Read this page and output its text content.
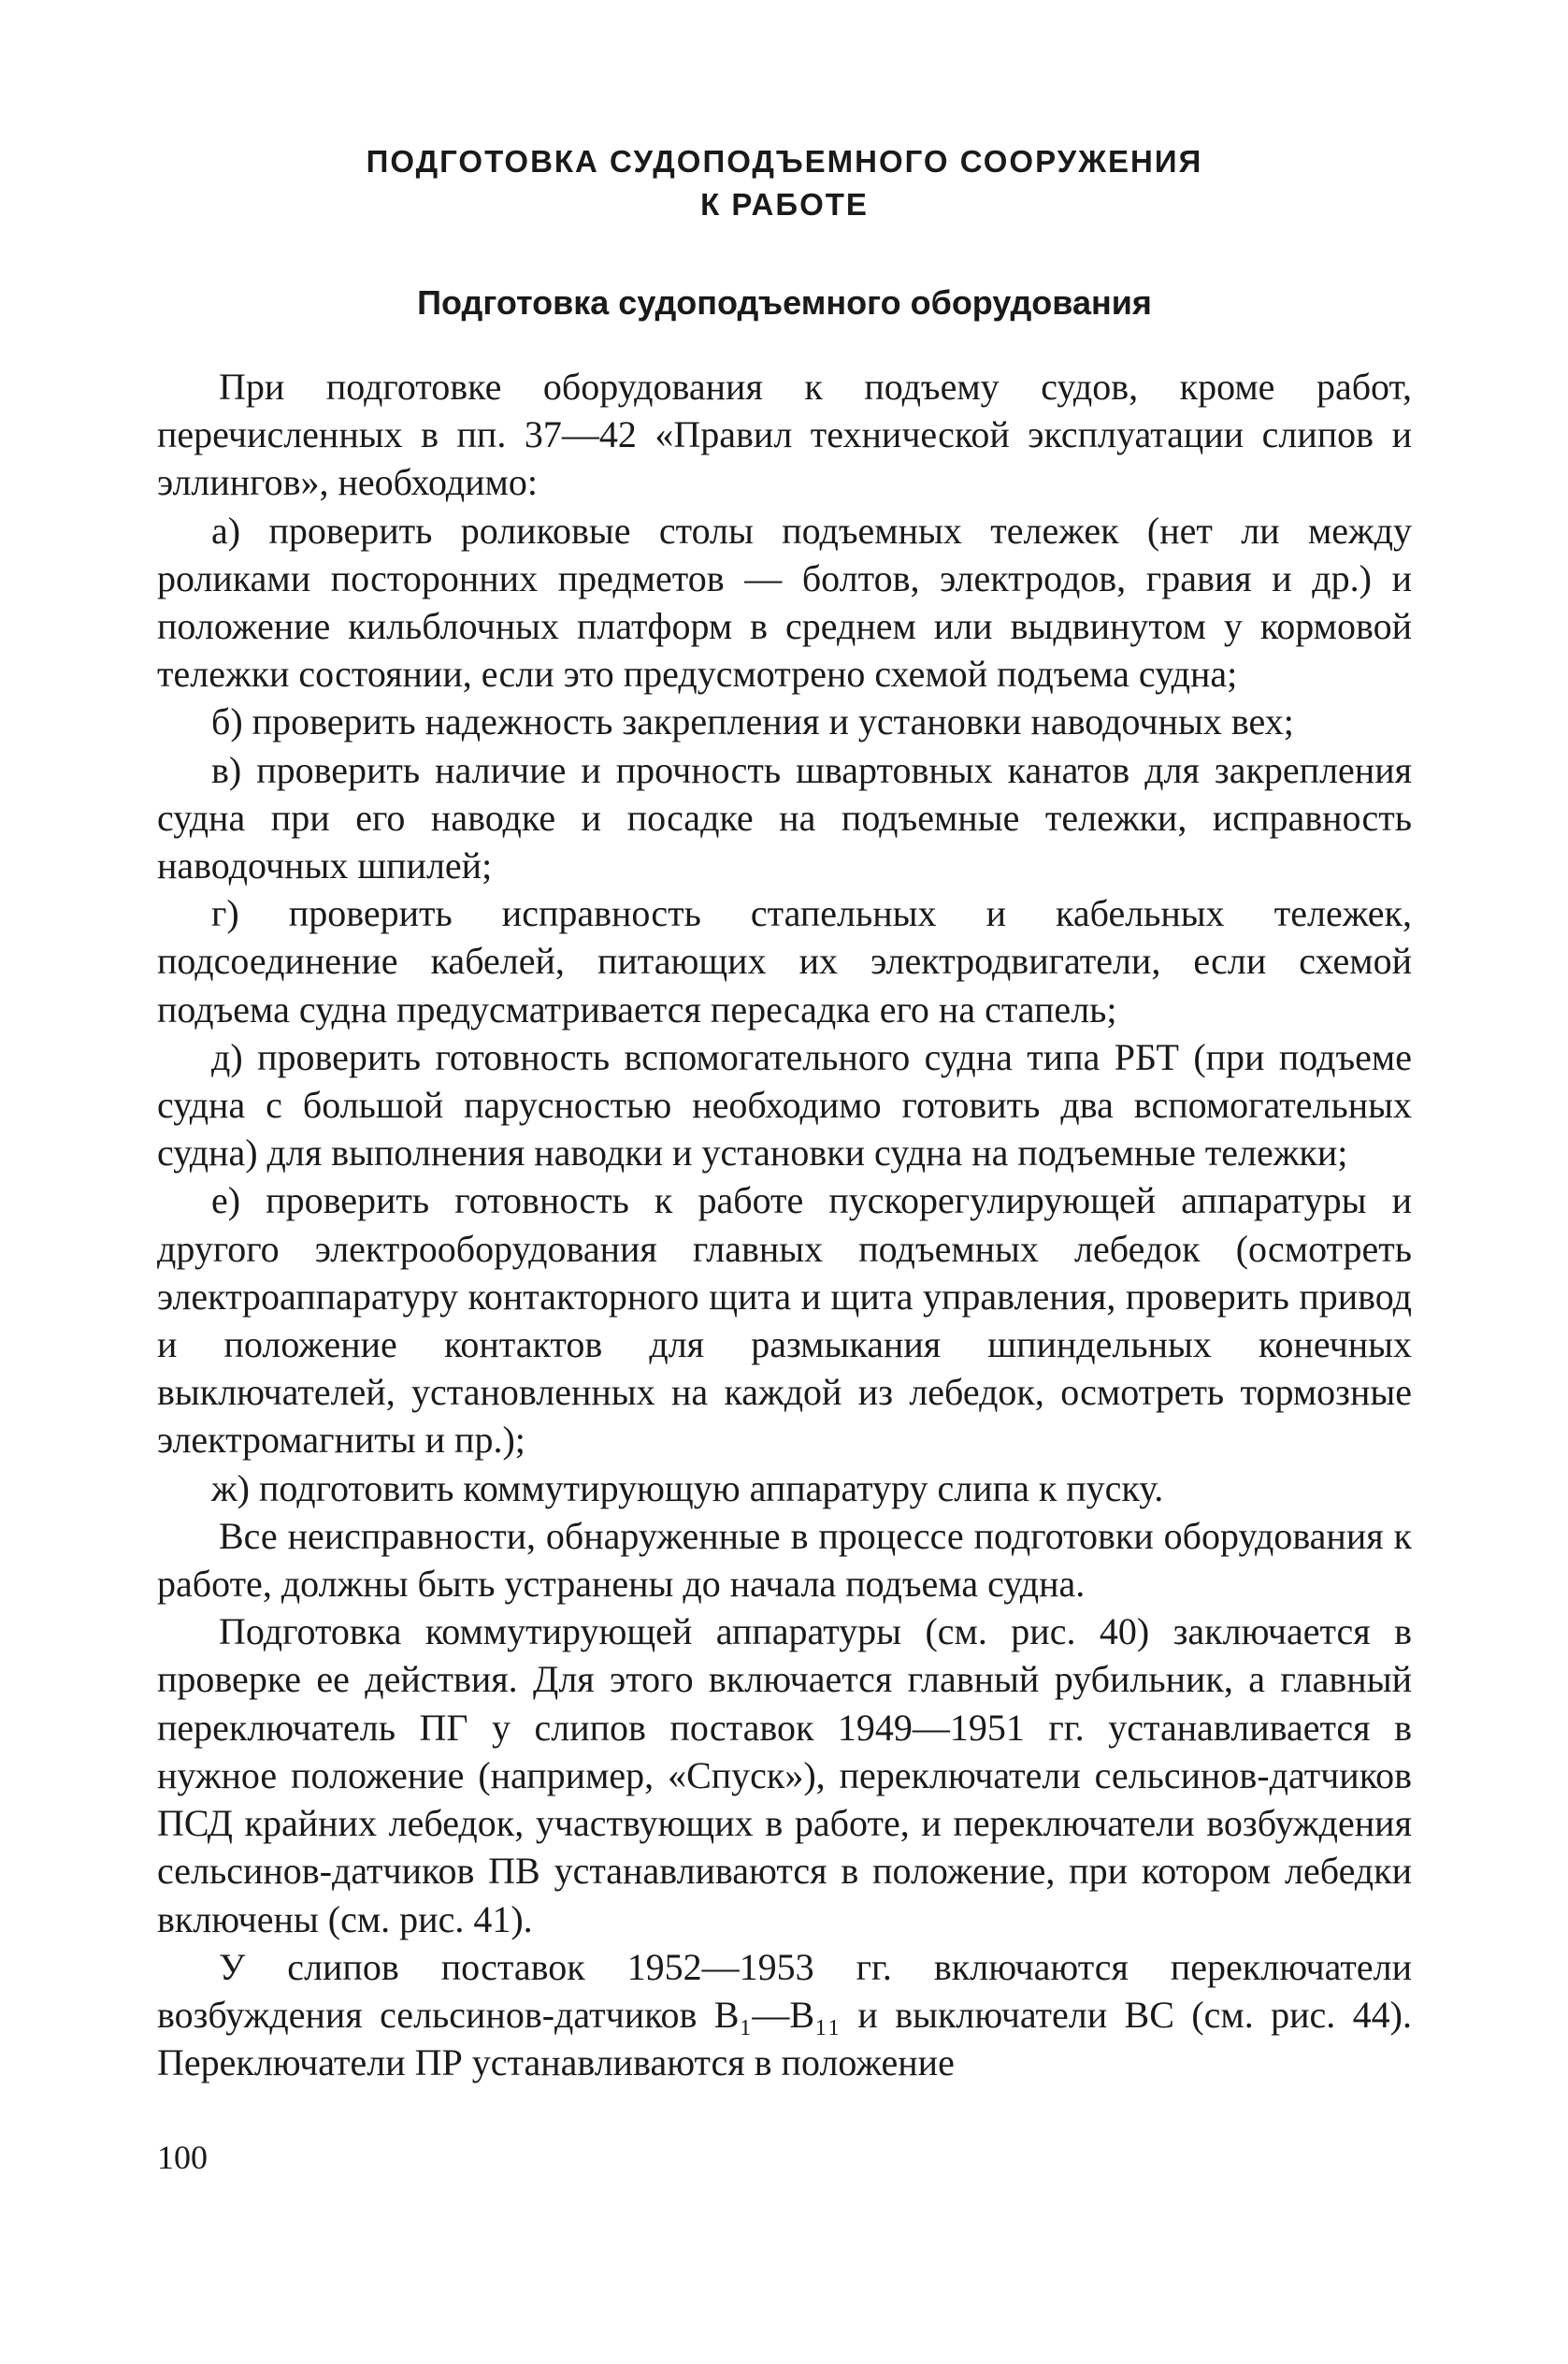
ПОДГОТОВКА СУДОПОДЪЕМНОГО СООРУЖЕНИЯ
К РАБОТЕ
Подготовка судоподъемного оборудования

При подготовке оборудования к подъему судов, кроме работ, перечисленных в пп. 37—42 «Правил технической эксплуатации слипов и эллингов», необходимо:

а) проверить роликовые столы подъемных тележек (нет ли между роликами посторонних предметов — болтов, электродов, гравия и др.) и положение кильблочных платформ в среднем или выдвинутом у кормовой тележки состоянии, если это предусмотрено схемой подъема судна;

б) проверить надежность закрепления и установки наводочных вех;

в) проверить наличие и прочность швартовных канатов для закрепления судна при его наводке и посадке на подъемные тележки, исправность наводочных шпилей;

г) проверить исправность стапельных и кабельных тележек, подсоединение кабелей, питающих их электродвигатели, если схемой подъема судна предусматривается пересадка его на стапель;

д) проверить готовность вспомогательного судна типа РБТ (при подъеме судна с большой парусностью необходимо готовить два вспомогательных судна) для выполнения наводки и установки судна на подъемные тележки;

е) проверить готовность к работе пускорегулирующей аппаратуры и другого электрооборудования главных подъемных лебедок (осмотреть электроаппаратуру контакторного щита и щита управления, проверить привод и положение контактов для размыкания шпиндельных конечных выключателей, установленных на каждой из лебедок, осмотреть тормозные электромагниты и пр.);

ж) подготовить коммутирующую аппаратуру слипа к пуску.

Все неисправности, обнаруженные в процессе подготовки оборудования к работе, должны быть устранены до начала подъема судна.

Подготовка коммутирующей аппаратуры (см. рис. 40) заключается в проверке ее действия. Для этого включается главный рубильник, а главный переключатель ПГ у слипов поставок 1949—1951 гг. устанавливается в нужное положение (например, «Спуск»), переключатели сельсинов-датчиков ПСД крайних лебедок, участвующих в работе, и переключатели возбуждения сельсинов-датчиков ПВ устанавливаются в положение, при котором лебедки включены (см. рис. 41).

У слипов поставок 1952—1953 гг. включаются переключатели возбуждения сельсинов-датчиков B₁—B₁₁ и выключатели ВС (см. рис. 44). Переключатели ПР устанавливаются в положение

100
